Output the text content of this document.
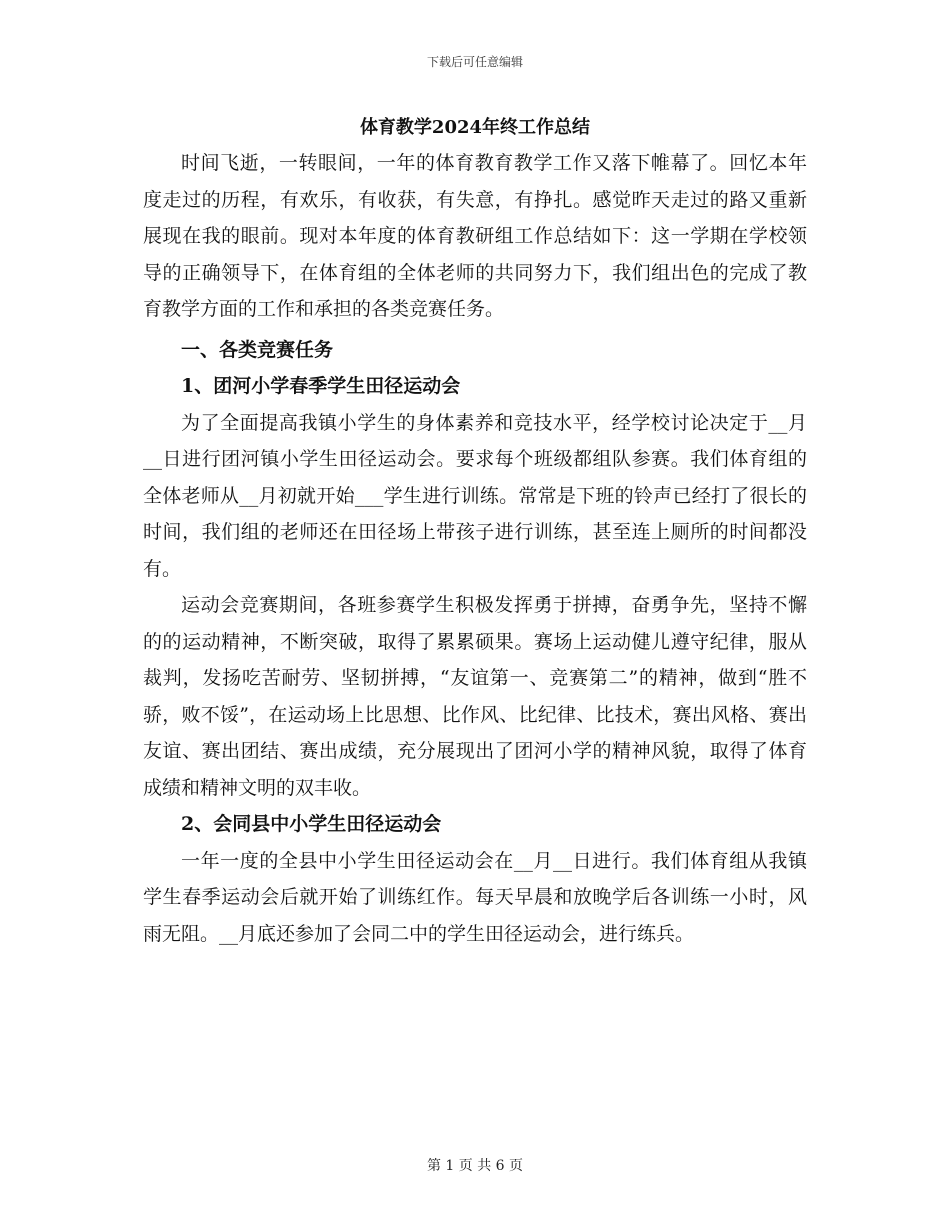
下载后可任意编辑
体育教学2024年终工作总结

时间飞逝，一转眼间，一年的体育教育教学工作又落下帷幕了。回忆本年度走过的历程，有欢乐，有收获，有失意，有挣扎。感觉昨天走过的路又重新展现在我的眼前。现对本年度的体育教研组工作总结如下：这一学期在学校领导的正确领导下，在体育组的全体老师的共同努力下，我们组出色的完成了教育教学方面的工作和承担的各类竞赛任务。

一、各类竞赛任务

1、团河小学春季学生田径运动会

为了全面提高我镇小学生的身体素养和竞技水平，经学校讨论决定于__月__日进行团河镇小学生田径运动会。要求每个班级都组队参赛。我们体育组的全体老师从__月初就开始___学生进行训练。常常是下班的铃声已经打了很长的时间，我们组的老师还在田径场上带孩子进行训练，甚至连上厕所的时间都没有。

运动会竞赛期间，各班参赛学生积极发挥勇于拼搏，奋勇争先，坚持不懈的的运动精神，不断突破，取得了累累硕果。赛场上运动健儿遵守纪律，服从裁判，发扬吃苦耐劳、坚韧拼搏，“友谊第一、竞赛第二”的精神，做到“胜不骄，败不馁”，在运动场上比思想、比作风、比纪律、比技术，赛出风格、赛出友谊、赛出团结、赛出成绩，充分展现出了团河小学的精神风貌，取得了体育成绩和精神文明的双丰收。

2、会同县中小学生田径运动会

一年一度的全县中小学生田径运动会在__月__日进行。我们体育组从我镇学生春季运动会后就开始了训练红作。每天早晨和放晚学后各训练一小时，风雨无阻。__月底还参加了会同二中的学生田径运动会，进行练兵。

第 1 页 共 6 页
